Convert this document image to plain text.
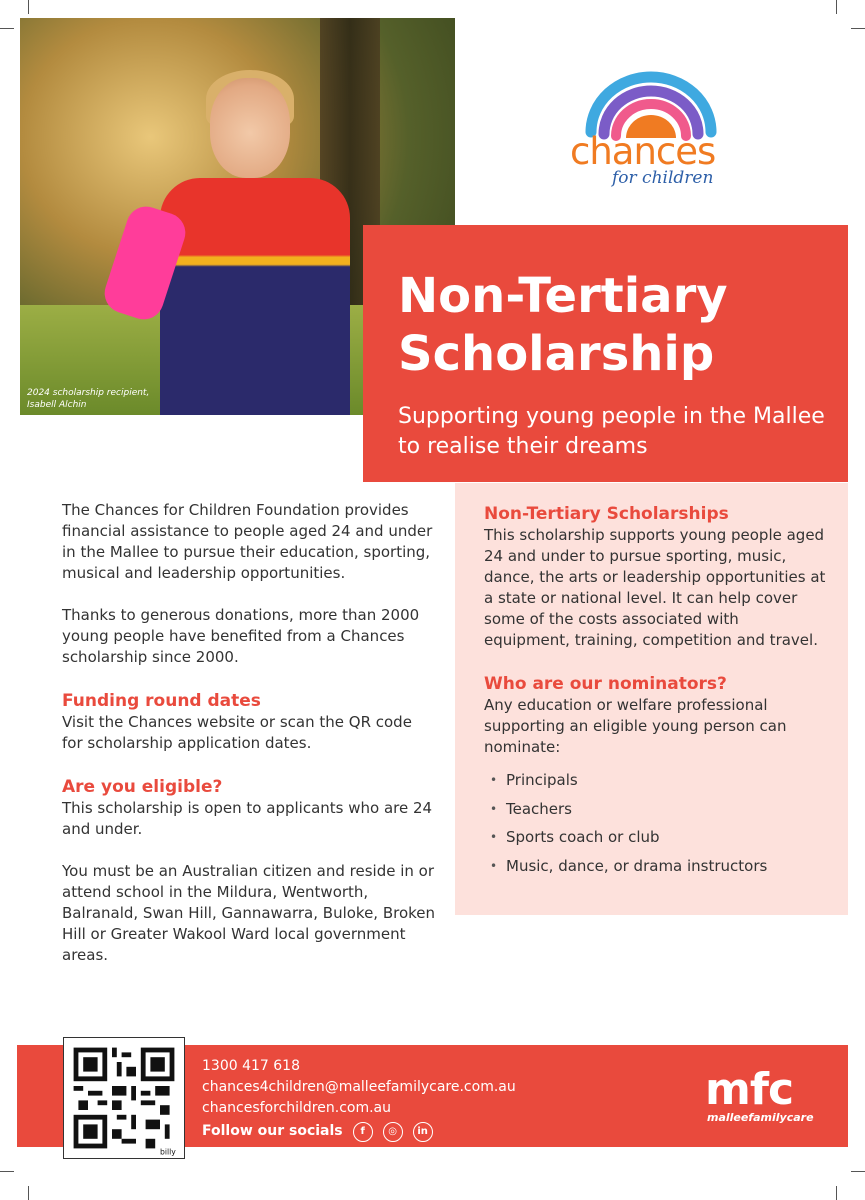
2024 scholarship recipient, Isabell Alchin
chances
for children
Non-Tertiary Scholarship

Supporting young people in the Mallee to realise their dreams

The Chances for Children Foundation provides financial assistance to people aged 24 and under in the Mallee to pursue their education, sporting, musical and leadership opportunities.

Thanks to generous donations, more than 2000 young people have benefited from a Chances scholarship since 2000.

Funding round dates

Visit the Chances website or scan the QR code for scholarship application dates.

Are you eligible?

This scholarship is open to applicants who are 24 and under.

You must be an Australian citizen and reside in or attend school in the Mildura, Wentworth, Balranald, Swan Hill, Gannawarra, Buloke, Broken Hill or Greater Wakool Ward local government areas.

Non-Tertiary Scholarships

This scholarship supports young people aged 24 and under to pursue sporting, music, dance, the arts or leadership opportunities at a state or national level. It can help cover some of the costs associated with equipment, training, competition and travel.

Who are our nominators?

Any education or welfare professional supporting an eligible young person can nominate:

• Principals
• Teachers
• Sports coach or club
• Music, dance, or drama instructors
billy
1300 417 618
chances4children@malleefamilycare.com.au
chancesforchildren.com.au
Follow our socials	f	◎	in
mfc
malleefamilycare
